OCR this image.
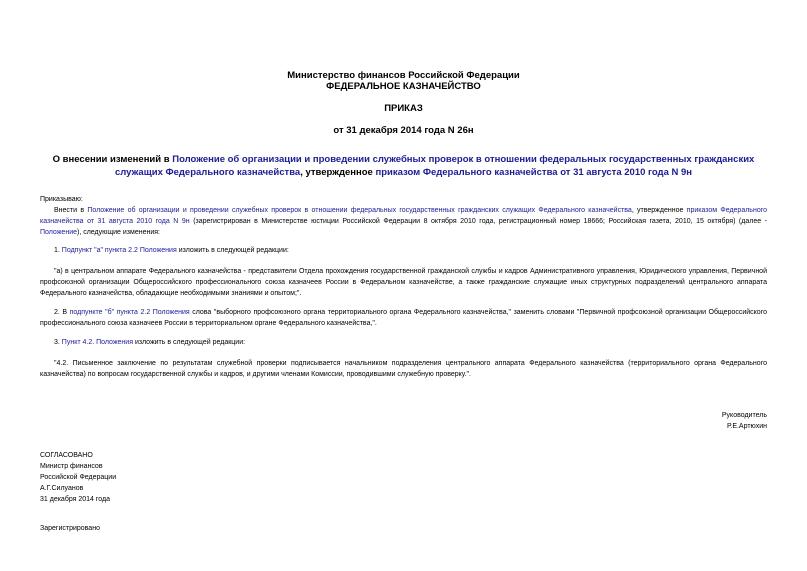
Министерство финансов Российской Федерации
ФЕДЕРАЛЬНОЕ КАЗНАЧЕЙСТВО
ПРИКАЗ
от 31 декабря 2014 года N 26н
О внесении изменений в Положение об организации и проведении служебных проверок в отношении федеральных государственных гражданских служащих Федерального казначейства, утвержденное приказом Федерального казначейства от 31 августа 2010 года N 9н
Приказываю:
Внести в Положение об организации и проведении служебных проверок в отношении федеральных государственных гражданских служащих Федерального казначейства, утвержденное приказом Федерального казначейства от 31 августа 2010 года N 9н (зарегистрирован в Министерстве юстиции Российской Федерации 8 октября 2010 года, регистрационный номер 18666; Российская газета, 2010, 15 октября) (далее - Положение), следующие изменения:
1. Подпункт "а" пункта 2.2 Положения изложить в следующей редакции:
"а) в центральном аппарате Федерального казначейства - представители Отдела прохождения государственной гражданской службы и кадров Административного управления, Юридического управления, Первичной профсоюзной организации Общероссийского профессионального союза казначеев России в Федеральном казначействе, а также гражданские служащие иных структурных подразделений центрального аппарата Федерального казначейства, обладающие необходимыми знаниями и опытом;".
2. В подпункте "б" пункта 2.2 Положения слова "выборного профсоюзного органа территориального органа Федерального казначейства," заменить словами "Первичной профсоюзной организации Общероссийского профессионального союза казначеев России в территориальном органе Федерального казначейства,".
3. Пункт 4.2. Положения изложить в следующей редакции:
"4.2. Письменное заключение по результатам служебной проверки подписывается начальником подразделения центрального аппарата Федерального казначейства (территориального органа Федерального казначейства) по вопросам государственной службы и кадров, и другими членами Комиссии, проводившими служебную проверку.".
Руководитель
Р.Е.Артюхин
СОГЛАСОВАНО
Министр финансов
Российской Федерации
А.Г.Силуанов
31 декабря 2014 года
Зарегистрировано
